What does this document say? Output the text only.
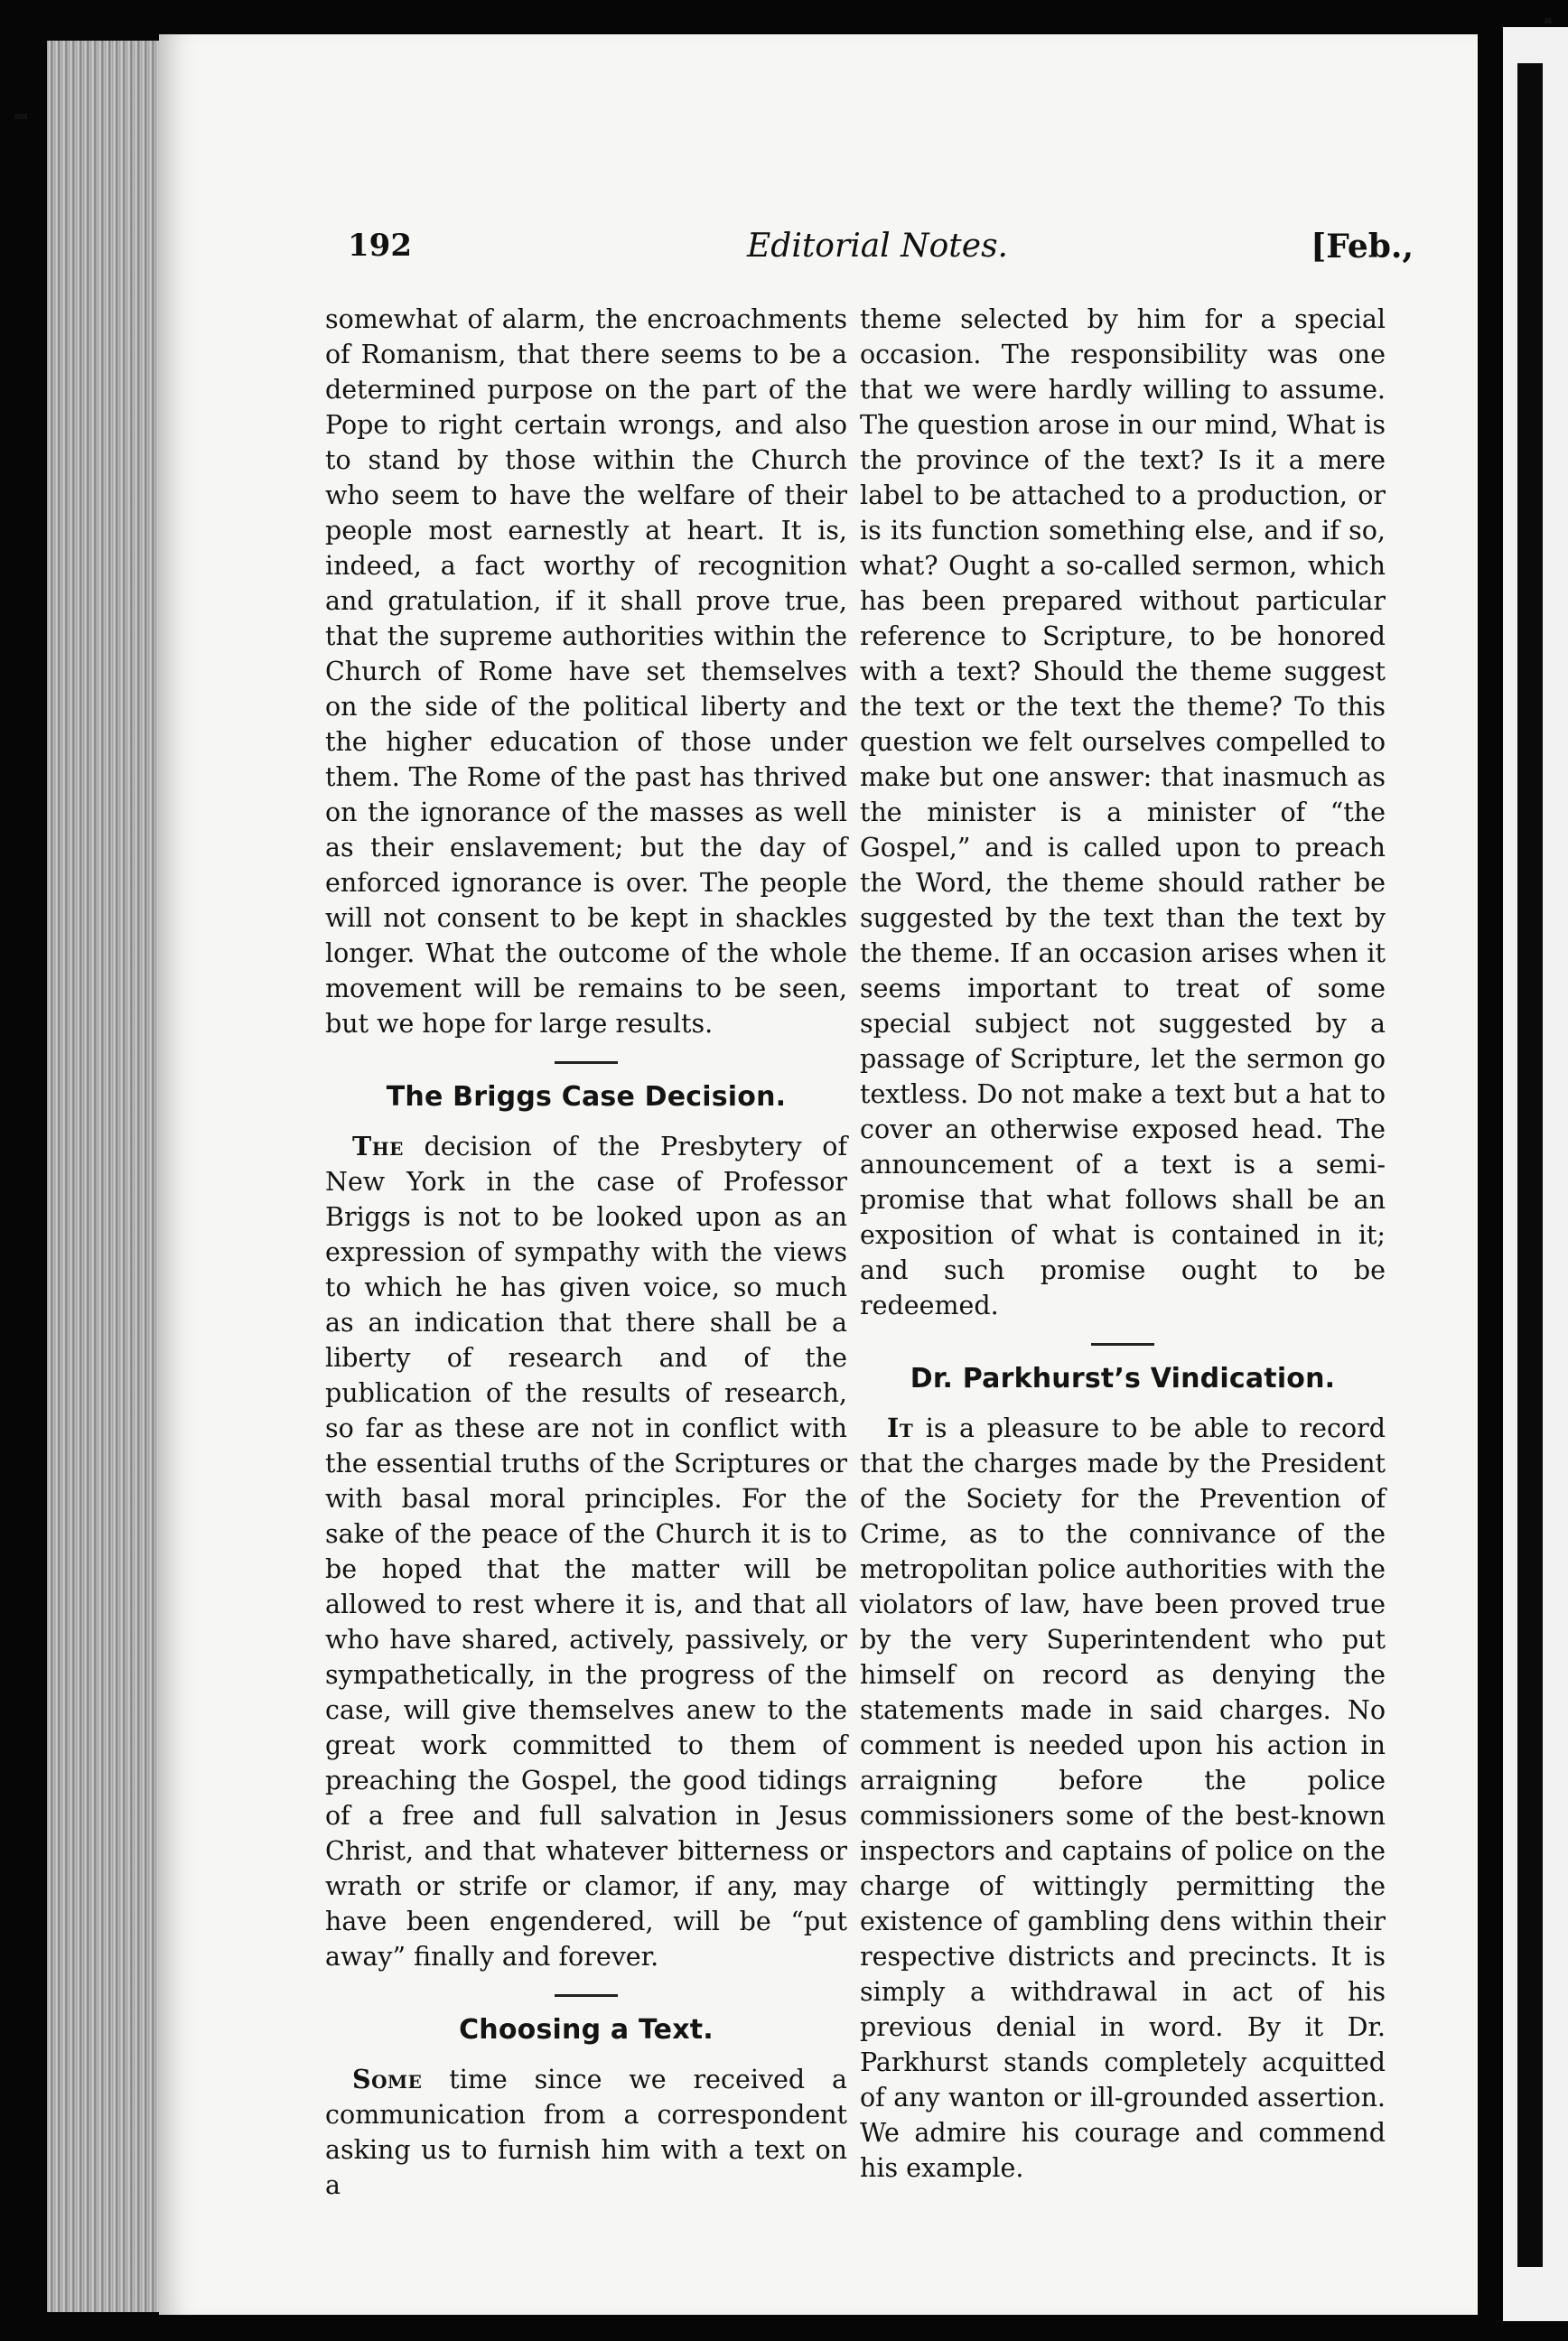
192	Editorial Notes.	[Feb.,

somewhat of alarm, the encroachments of Romanism, that there seems to be a determined purpose on the part of the Pope to right certain wrongs, and also to stand by those within the Church who seem to have the welfare of their people most earnestly at heart. It is, indeed, a fact worthy of recognition and gratulation, if it shall prove true, that the supreme authorities within the Church of Rome have set themselves on the side of the political liberty and the higher education of those under them. The Rome of the past has thrived on the ignorance of the masses as well as their enslavement; but the day of enforced ignorance is over. The people will not consent to be kept in shackles longer. What the outcome of the whole movement will be remains to be seen, but we hope for large results.

The Briggs Case Decision.

The decision of the Presbytery of New York in the case of Professor Briggs is not to be looked upon as an expression of sympathy with the views to which he has given voice, so much as an indication that there shall be a liberty of research and of the publication of the results of research, so far as these are not in conflict with the essential truths of the Scriptures or with basal moral principles. For the sake of the peace of the Church it is to be hoped that the matter will be allowed to rest where it is, and that all who have shared, actively, passively, or sympathetically, in the progress of the case, will give themselves anew to the great work committed to them of preaching the Gospel, the good tidings of a free and full salvation in Jesus Christ, and that whatever bitterness or wrath or strife or clamor, if any, may have been engendered, will be “put away” finally and forever.

Choosing a Text.

Some time since we received a communication from a correspondent asking us to furnish him with a text on a

theme selected by him for a special occasion. The responsibility was one that we were hardly willing to assume. The question arose in our mind, What is the province of the text? Is it a mere label to be attached to a production, or is its function something else, and if so, what? Ought a so-called sermon, which has been prepared without particular reference to Scripture, to be honored with a text? Should the theme suggest the text or the text the theme? To this question we felt ourselves compelled to make but one answer: that inasmuch as the minister is a minister of “the Gospel,” and is called upon to preach the Word, the theme should rather be suggested by the text than the text by the theme. If an occasion arises when it seems important to treat of some special subject not suggested by a passage of Scripture, let the sermon go textless. Do not make a text but a hat to cover an otherwise exposed head. The announcement of a text is a semi-promise that what follows shall be an exposition of what is contained in it; and such promise ought to be redeemed.

Dr. Parkhurst’s Vindication.

It is a pleasure to be able to record that the charges made by the President of the Society for the Prevention of Crime, as to the connivance of the metropolitan police authorities with the violators of law, have been proved true by the very Superintendent who put himself on record as denying the statements made in said charges. No comment is needed upon his action in arraigning before the police commissioners some of the best-known inspectors and captains of police on the charge of wittingly permitting the existence of gambling dens within their respective districts and precincts. It is simply a withdrawal in act of his previous denial in word. By it Dr. Parkhurst stands completely acquitted of any wanton or ill-grounded assertion. We admire his courage and commend his example.
